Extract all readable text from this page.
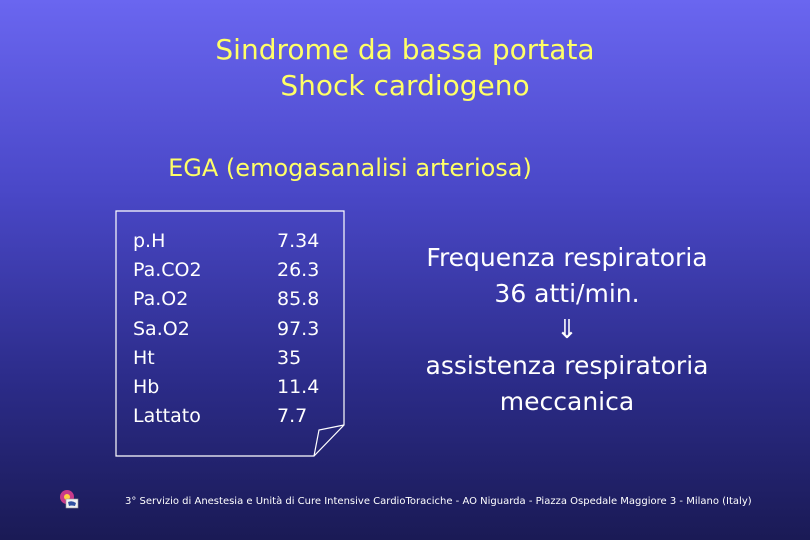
Sindrome da bassa portata
Shock cardiogeno
EGA (emogasanalisi arteriosa)
p.H	7.34
Pa.CO2	26.3
Pa.O2	85.8
Sa.O2	97.3
Ht	35
Hb	11.4
Lattato	7.7
Frequenza respiratoria
36 atti/min.
⇓
assistenza respiratoria
meccanica
3° Servizio di Anestesia e Unità di Cure Intensive CardioToraciche - AO Niguarda - Piazza Ospedale Maggiore 3 - Milano (Italy)
